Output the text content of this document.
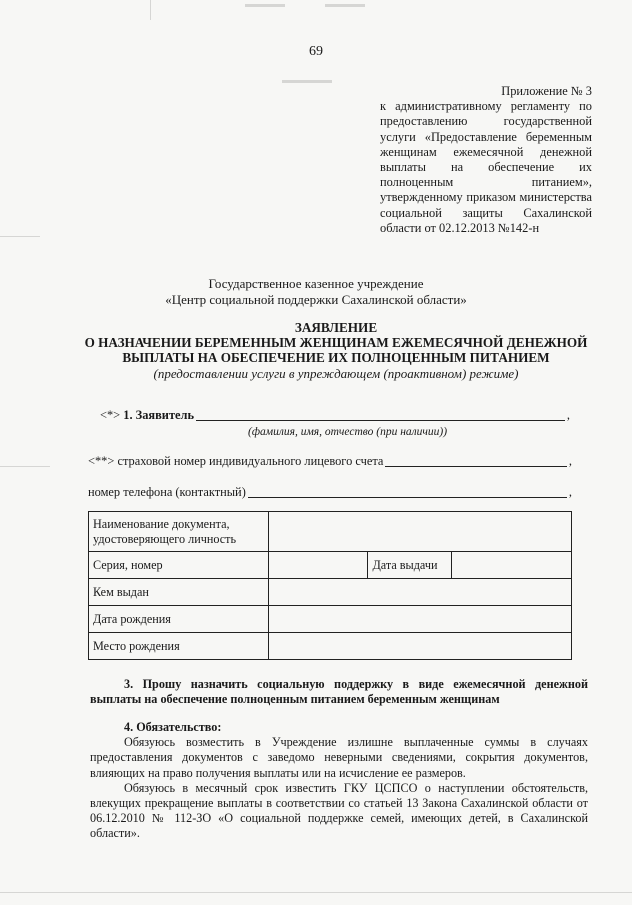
69
Приложение № 3
к административному регламенту по предоставлению государственной услуги «Предоставление беременным женщинам ежемесячной денежной выплаты на обеспечение их полноценным питанием», утвержденному приказом министерства социальной защиты Сахалинской области от 02.12.2013 №142-н
Государственное казенное учреждение
«Центр социальной поддержки Сахалинской области»
ЗАЯВЛЕНИЕ
О НАЗНАЧЕНИИ БЕРЕМЕННЫМ ЖЕНЩИНАМ ЕЖЕМЕСЯЧНОЙ ДЕНЕЖНОЙ
ВЫПЛАТЫ НА ОБЕСПЕЧЕНИЕ ИХ ПОЛНОЦЕННЫМ ПИТАНИЕМ
(предоставлении услуги в упреждающем (проактивном) режиме)
<*>
1. Заявитель	,
(фамилия, имя, отчество (при наличии))
<**> страховой номер индивидуального лицевого счета	,
номер телефона (контактный)	,
Наименование документа, удостоверяющего личность			
Серия, номер		Дата выдачи	
Кем выдан			
Дата рождения			
Место рождения			
3. Прошу назначить социальную поддержку в виде ежемесячной денежной выплаты на обеспечение полноценным питанием беременным женщинам
4. Обязательство:
Обязуюсь возместить в Учреждение излишне выплаченные суммы в случаях предоставления документов с заведомо неверными сведениями, сокрытия документов, влияющих на право получения выплаты или на исчисление ее размеров.
Обязуюсь в месячный срок известить ГКУ ЦСПСО о наступлении обстоятельств, влекущих прекращение выплаты в соответствии со статьей 13 Закона Сахалинской области от 06.12.2010 № 112-ЗО «О социальной поддержке семей, имеющих детей, в Сахалинской области».
